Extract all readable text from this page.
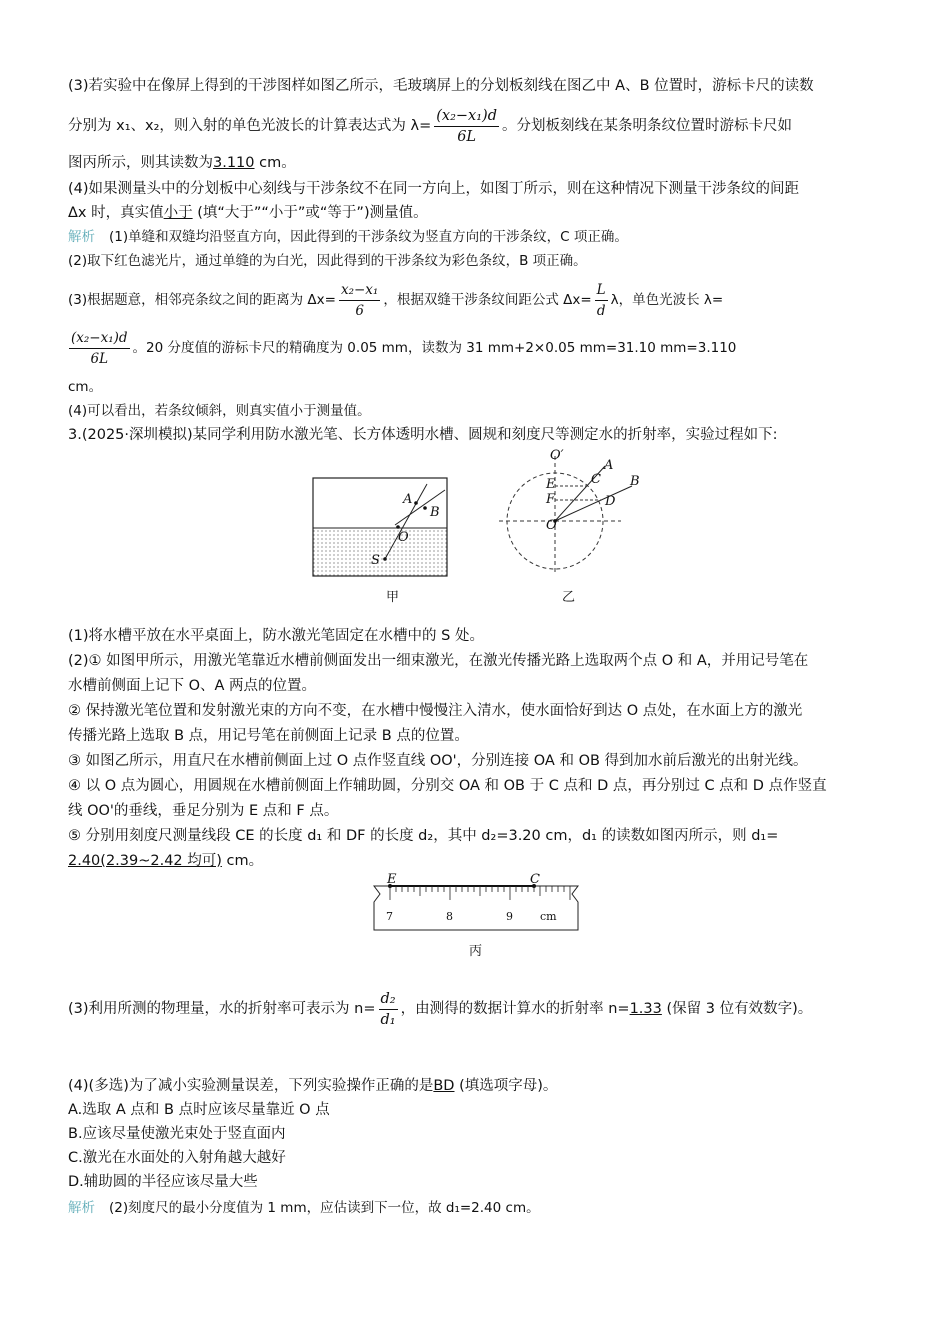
(3)若实验中在像屏上得到的干涉图样如图乙所示，毛玻璃屏上的分划板刻线在图乙中 A、B 位置时，游标卡尺的读数
分别为 x₁、x₂，则入射的单色光波长的计算表达式为 $\lambda= \frac{\text{(x₂−x₁)d}}{6L}$ 。分划板刻线在某条明条纹位置时游标卡尺如
图丙所示，则其读数为3.110 cm。
(4)如果测量头中的分划板中心刻线与干涉条纹不在同一方向上，如图丁所示，则在这种情况下测量干涉条纹的间距
Δx 时，真实值小于 (填“大于”“小于”或“等于”)测量值。
解析 (1)单缝和双缝均沿竖直方向，因此得到的干涉条纹为竖直方向的干涉条纹，C 项正确。
(2)取下红色滤光片，通过单缝的为白光，因此得到的干涉条纹为彩色条纹，B 项正确。
(3)根据题意，相邻亮条纹之间的距离为 $\Delta x= \frac{\text{x₂−x₁}}{6}$ ，根据双缝干涉条纹间距公式 $\Delta x= \frac{L}{d}$ λ，单色光波长 λ=
$\frac{\text{(x₂−x₁)d}}{6L}$ 。20 分度值的游标卡尺的精确度为 0.05 mm，读数为 31 mm+2×0.05 mm=31.10 mm=3.110
cm。
(4)可以看出，若条纹倾斜，则真实值小于测量值。
3.(2025·深圳模拟)某同学利用防水激光笔、长方体透明水槽、圆规和刻度尺等测定水的折射率，实验过程如下:
A
B
O
S
甲
O′
A
B
E	C
F	D
O
乙
(1)将水槽平放在水平桌面上，防水激光笔固定在水槽中的 S 处。
(2)① 如图甲所示，用激光笔靠近水槽前侧面发出一细束激光，在激光传播光路上选取两个点 O 和 A，并用记号笔在
水槽前侧面上记下 O、A 两点的位置。
② 保持激光笔位置和发射激光束的方向不变，在水槽中慢慢注入清水，使水面恰好到达 O 点处，在水面上方的激光
传播光路上选取 B 点，用记号笔在前侧面上记录 B 点的位置。
③ 如图乙所示，用直尺在水槽前侧面上过 O 点作竖直线 OO'，分别连接 OA 和 OB 得到加水前后激光的出射光线。
④ 以 O 点为圆心，用圆规在水槽前侧面上作辅助圆，分别交 OA 和 OB 于 C 点和 D 点，再分别过 C 点和 D 点作竖直
线 OO'的垂线，垂足分别为 E 点和 F 点。
⑤ 分别用刻度尺测量线段 CE 的长度 d₁ 和 DF 的长度 d₂，其中 d₂=3.20 cm，d₁ 的读数如图丙所示，则 d₁=
2.40(2.39~2.42 均可) cm。
E	C
7	8	9 cm
丙
(3)利用所测的物理量，水的折射率可表示为 $n= \frac{\text{d₂}}{\text{d₁}}$ ，由测得的数据计算水的折射率 n=1.33 (保留 3 位有效数字)。
(4)(多选)为了减小实验测量误差，下列实验操作正确的是BD (填选项字母)。
A.选取 A 点和 B 点时应该尽量靠近 O 点
B.应该尽量使激光束处于竖直面内
C.激光在水面处的入射角越大越好
D.辅助圆的半径应该尽量大些
解析 (2)刻度尺的最小分度值为 1 mm，应估读到下一位，故 d₁=2.40 cm。
